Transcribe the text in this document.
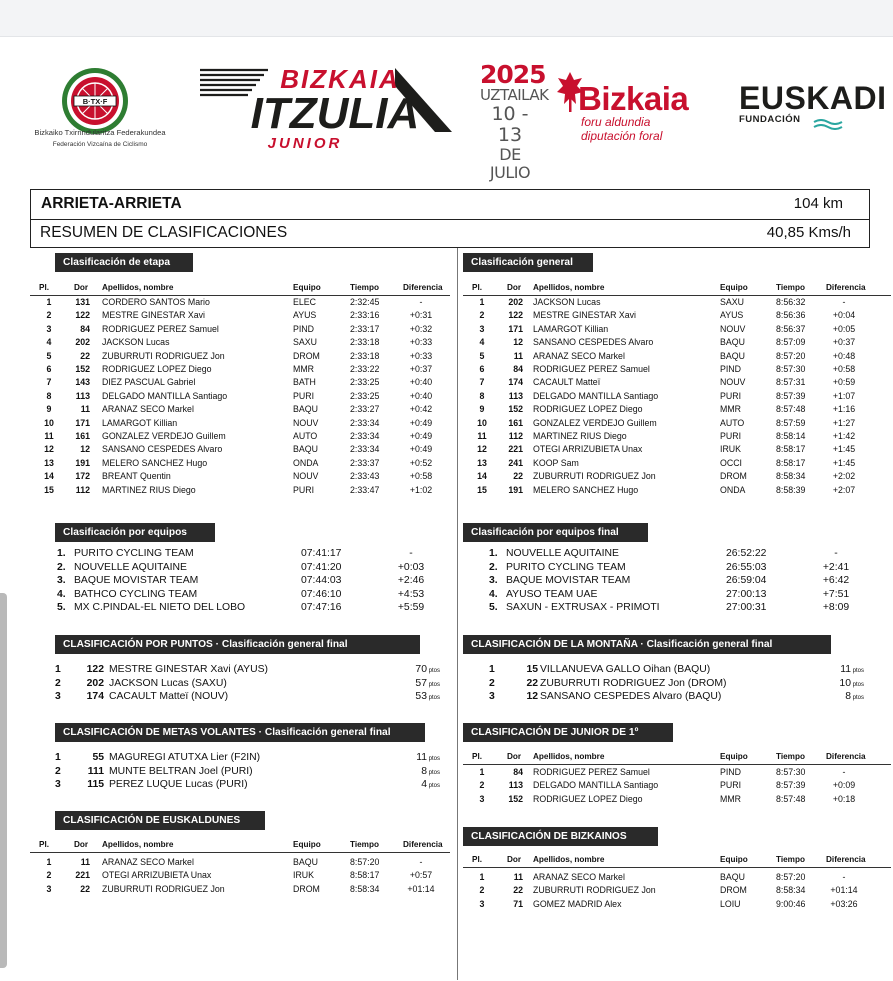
B·TX·F
Bizkaiko Txirrindularitza Federakundea
Federación Vizcaína de Ciclismo
BIZKAIA
ITZULIA
JUNIOR
2025
UZTAILAK
10 - 13
DE JULIO
Bizkaia
foru aldundia
diputación foral
EUSKADI
FUNDACIÓN
ARRIETA-ARRIETA	104 km
RESUMEN DE CLASIFICACIONES	40,85 Kms/h
Clasificación de etapa
Pl.	Dor Apellidos, nombre	Equipo	Tiempo	Diferencia
1	131 CORDERO SANTOS Mario	ELEC	2:32:45	-
2	122 MESTRE GINESTAR Xavi	AYUS	2:33:16	+0:31
3	84 RODRIGUEZ PEREZ Samuel	PIND	2:33:17	+0:32
4	202 JACKSON Lucas	SAXU	2:33:18	+0:33
5	22 ZUBURRUTI RODRIGUEZ Jon	DROM	2:33:18	+0:33
6	152 RODRIGUEZ LOPEZ Diego	MMR	2:33:22	+0:37
7	143 DIEZ PASCUAL Gabriel	BATH	2:33:25	+0:40
8	113 DELGADO MANTILLA Santiago	PURI	2:33:25	+0:40
9	11 ARANAZ SECO Markel	BAQU	2:33:27	+0:42
10	171 LAMARGOT Killian	NOUV	2:33:34	+0:49
11	161 GONZALEZ VERDEJO Guillem	AUTO	2:33:34	+0:49
12	12 SANSANO CESPEDES Alvaro	BAQU	2:33:34	+0:49
13	191 MELERO SANCHEZ Hugo	ONDA	2:33:37	+0:52
14	172 BREANT Quentin	NOUV	2:33:43	+0:58
15	112 MARTINEZ RIUS Diego	PURI	2:33:47	+1:02
Clasificación por equipos
1. PURITO CYCLING TEAM	07:41:17	-
2. NOUVELLE AQUITAINE	07:41:20	+0:03
3. BAQUE MOVISTAR TEAM	07:44:03	+2:46
4. BATHCO CYCLING TEAM	07:46:10	+4:53
5. MX C.PINDAL-EL NIETO DEL LOBO	07:47:16	+5:59
CLASIFICACIÓN POR PUNTOS · Clasificación general final
1	122 MESTRE GINESTAR Xavi (AYUS)	70 ptos
2	202 JACKSON Lucas (SAXU)	57 ptos
3	174 CACAULT Matteï (NOUV)	53 ptos
CLASIFICACIÓN DE METAS VOLANTES · Clasificación general final
1	55 MAGUREGI ATUTXA Lier (F2IN)	11 ptos
2	111 MUNTE BELTRAN Joel (PURI)	8 ptos
3	115 PEREZ LUQUE Lucas (PURI)	4 ptos
CLASIFICACIÓN DE EUSKALDUNES
Pl.	Dor Apellidos, nombre	Equipo	Tiempo	Diferencia
1	11 ARANAZ SECO Markel	BAQU	8:57:20	-
2	221 OTEGI ARRIZUBIETA Unax	IRUK	8:58:17	+0:57
3	22 ZUBURRUTI RODRIGUEZ Jon	DROM	8:58:34	+01:14
Clasificación general
Pl.	Dor Apellidos, nombre	Equipo	Tiempo	Diferencia
1	202 JACKSON Lucas	SAXU	8:56:32	-
2	122 MESTRE GINESTAR Xavi	AYUS	8:56:36	+0:04
3	171 LAMARGOT Killian	NOUV	8:56:37	+0:05
4	12 SANSANO CESPEDES Alvaro	BAQU	8:57:09	+0:37
5	11 ARANAZ SECO Markel	BAQU	8:57:20	+0:48
6	84 RODRIGUEZ PEREZ Samuel	PIND	8:57:30	+0:58
7	174 CACAULT Matteï	NOUV	8:57:31	+0:59
8	113 DELGADO MANTILLA Santiago	PURI	8:57:39	+1:07
9	152 RODRIGUEZ LOPEZ Diego	MMR	8:57:48	+1:16
10	161 GONZALEZ VERDEJO Guillem	AUTO	8:57:59	+1:27
11	112 MARTINEZ RIUS Diego	PURI	8:58:14	+1:42
12	221 OTEGI ARRIZUBIETA Unax	IRUK	8:58:17	+1:45
13	241 KOOP Sam	OCCI	8:58:17	+1:45
14	22 ZUBURRUTI RODRIGUEZ Jon	DROM	8:58:34	+2:02
15	191 MELERO SANCHEZ Hugo	ONDA	8:58:39	+2:07
Clasificación por equipos final
1. NOUVELLE AQUITAINE	26:52:22	-
2. PURITO CYCLING TEAM	26:55:03	+2:41
3. BAQUE MOVISTAR TEAM	26:59:04	+6:42
4. AYUSO TEAM UAE	27:00:13	+7:51
5. SAXUN - EXTRUSAX - PRIMOTI	27:00:31	+8:09
CLASIFICACIÓN DE LA MONTAÑA · Clasificación general final
1	15 VILLANUEVA GALLO Oihan (BAQU)	11 ptos
2	22 ZUBURRUTI RODRIGUEZ Jon (DROM)	10 ptos
3	12 SANSANO CESPEDES Alvaro (BAQU)	8 ptos
CLASIFICACIÓN DE JUNIOR DE 1º
Pl.	Dor Apellidos, nombre	Equipo	Tiempo	Diferencia
1	84 RODRIGUEZ PEREZ Samuel	PIND	8:57:30	-
2	113 DELGADO MANTILLA Santiago	PURI	8:57:39	+0:09
3	152 RODRIGUEZ LOPEZ Diego	MMR	8:57:48	+0:18
CLASIFICACIÓN DE BIZKAINOS
Pl.	Dor Apellidos, nombre	Equipo	Tiempo	Diferencia
1	11 ARANAZ SECO Markel	BAQU	8:57:20	-
2	22 ZUBURRUTI RODRIGUEZ Jon	DROM	8:58:34	+01:14
3	71 GOMEZ MADRID Alex	LOIU	9:00:46	+03:26
